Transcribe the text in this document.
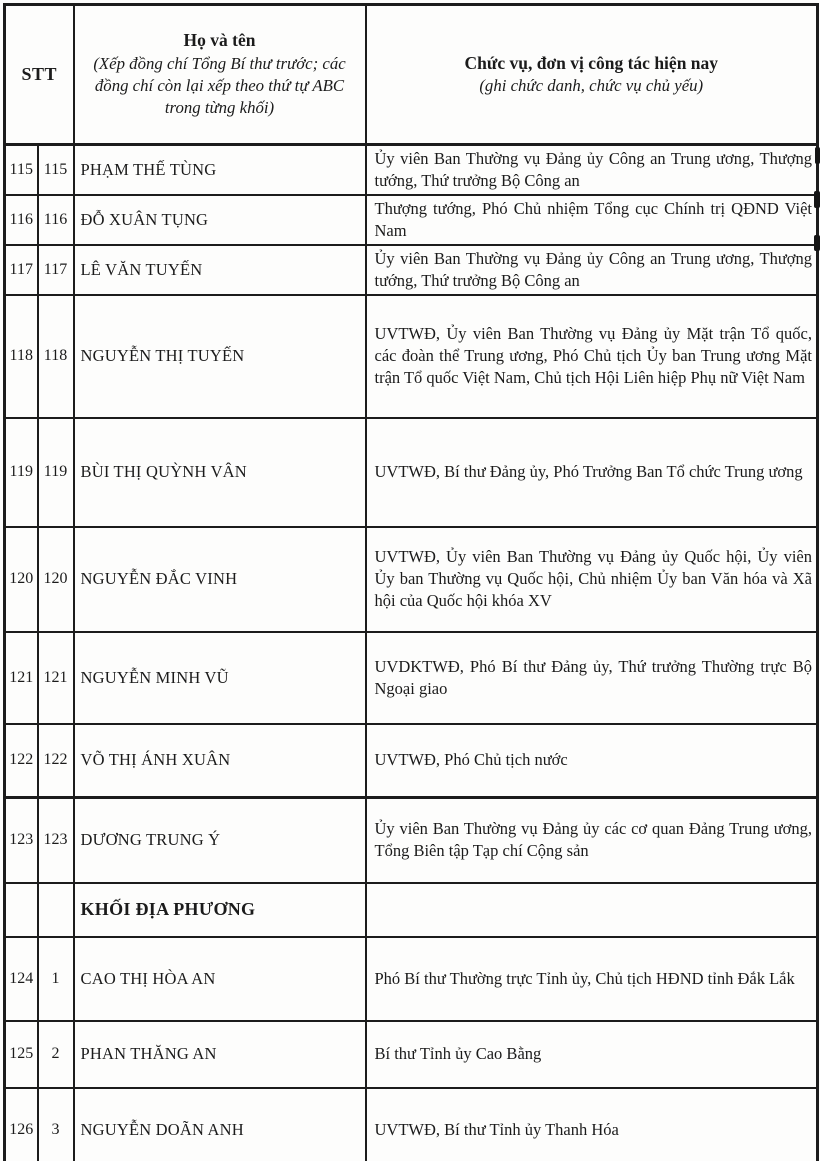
STT

Họ và tên
(Xếp đồng chí Tổng Bí thư trước; các đồng chí còn lại xếp theo thứ tự ABC trong từng khối)

Chức vụ, đơn vị công tác hiện nay
(ghi chức danh, chức vụ chủ yếu)

115	115	PHẠM THẾ TÙNG	Ủy viên Ban Thường vụ Đảng ủy Công an Trung ương, Thượng tướng, Thứ trưởng Bộ Công an
116	116	ĐỖ XUÂN TỤNG	Thượng tướng, Phó Chủ nhiệm Tổng cục Chính trị QĐND Việt Nam
117	117	LÊ VĂN TUYẾN	Ủy viên Ban Thường vụ Đảng ủy Công an Trung ương, Thượng tướng, Thứ trưởng Bộ Công an
118	118	NGUYỄN THỊ TUYẾN	UVTWĐ, Ủy viên Ban Thường vụ Đảng ủy Mặt trận Tổ quốc, các đoàn thể Trung ương, Phó Chủ tịch Ủy ban Trung ương Mặt trận Tổ quốc Việt Nam, Chủ tịch Hội Liên hiệp Phụ nữ Việt Nam
119	119	BÙI THỊ QUỲNH VÂN	UVTWĐ, Bí thư Đảng ủy, Phó Trưởng Ban Tổ chức Trung ương
120	120	NGUYỄN ĐẮC VINH	UVTWĐ, Ủy viên Ban Thường vụ Đảng ủy Quốc hội, Ủy viên Ủy ban Thường vụ Quốc hội, Chủ nhiệm Ủy ban Văn hóa và Xã hội của Quốc hội khóa XV
121	121	NGUYỄN MINH VŨ	UVDKTWĐ, Phó Bí thư Đảng ủy, Thứ trưởng Thường trực Bộ Ngoại giao
122	122	VÕ THỊ ÁNH XUÂN	UVTWĐ, Phó Chủ tịch nước
123	123	DƯƠNG TRUNG Ý	Ủy viên Ban Thường vụ Đảng ủy các cơ quan Đảng Trung ương, Tổng Biên tập Tạp chí Cộng sản
		KHỐI ĐỊA PHƯƠNG	
124	1	CAO THỊ HÒA AN	Phó Bí thư Thường trực Tỉnh ủy, Chủ tịch HĐND tỉnh Đắk Lắk
125	2	PHAN THĂNG AN	Bí thư Tỉnh ủy Cao Bằng
126	3	NGUYỄN DOÃN ANH	UVTWĐ, Bí thư Tỉnh ủy Thanh Hóa
